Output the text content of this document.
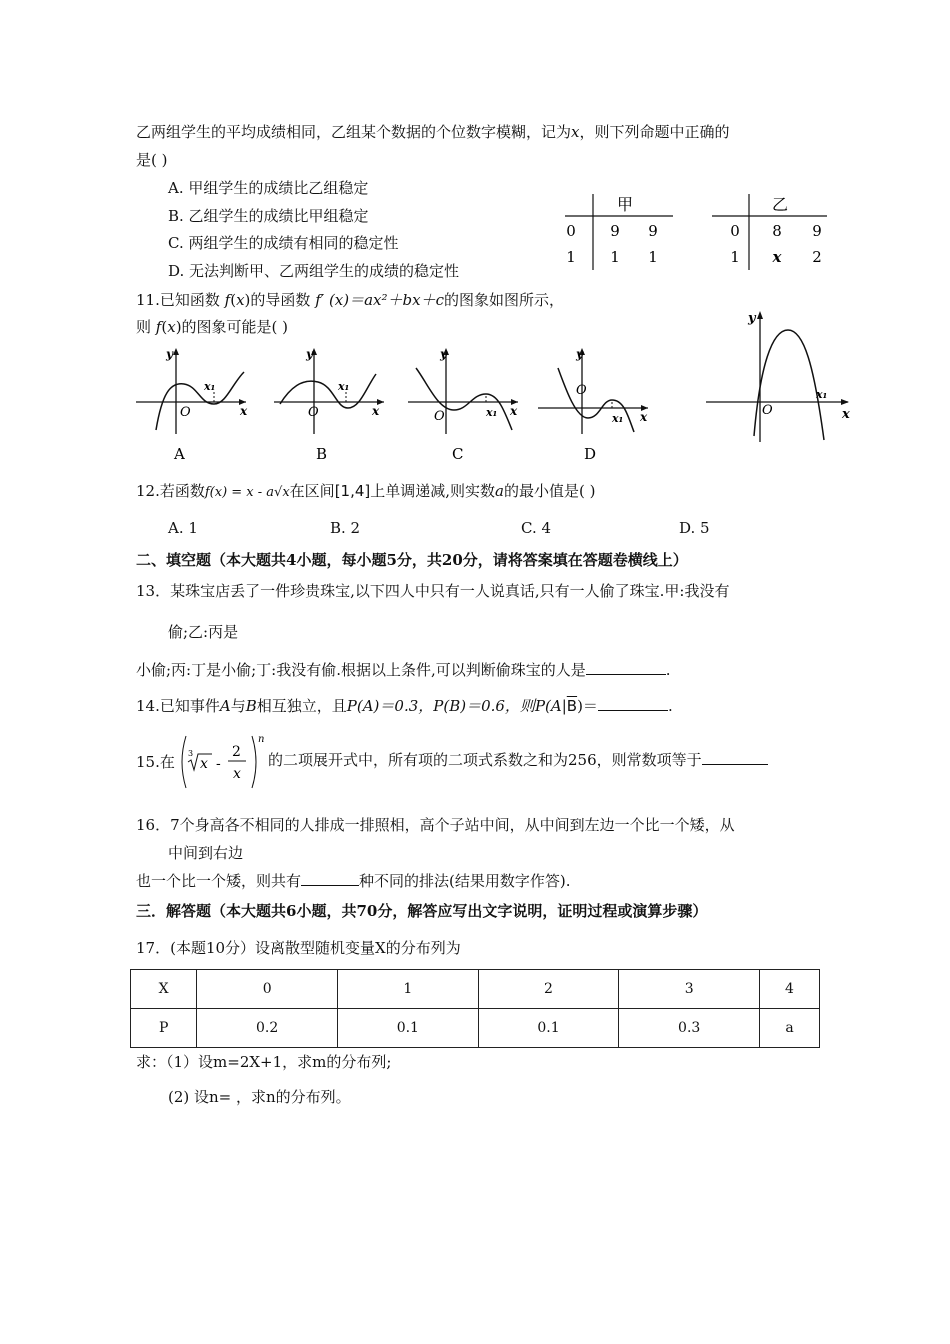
乙两组学生的平均成绩相同，乙组某个数据的个位数字模糊，记为x，则下列命题中正确的
是( )
A. 甲组学生的成绩比乙组稳定
B. 乙组学生的成绩比甲组稳定
C. 两组学生的成绩有相同的稳定性
D. 无法判断甲、乙两组学生的成绩的稳定性
甲
0 9 9
1 1 1
乙
0 8 9
1 x 2
11.已知函数 f(x)的导函数 f′ (x)＝ax²＋bx＋c的图象如图所示，
则 f(x)的图象可能是( )
y
O	x
x₁
A
y
O	x
x₁
B
y
O	x
x₁
C
y
O
x
x₁
D
y
O	x
x₁
12.若函数f(x) = x - a√x在区间[1,4]上单调递减,则实数a的最小值是( )
A. 1	B. 2	C. 4	D. 5
二、填空题（本大题共4小题，每小题5分，共20分，请将答案填在答题卷横线上）
13．某珠宝店丢了一件珍贵珠宝,以下四人中只有一人说真话,只有一人偷了珠宝.甲:我没有
偷;乙:丙是
小偷;丙:丁是小偷;丁:我没有偷.根据以上条件,可以判断偷珠宝的人是	.
14.已知事件A与B相互独立，且P(A)＝0.3，P(B)＝0.6，则$P(A|\overline{B})=$	.
15.在 3
x -
2
x
n
的二项展开式中，所有项的二项式系数之和为256，则常数项等于
16．7个身高各不相同的人排成一排照相，高个子站中间，从中间到左边一个比一个矮，从
中间到右边
也一个比一个矮，则共有	种不同的排法(结果用数字作答).
三．解答题（本大题共6小题，共70分，解答应写出文字说明，证明过程或演算步骤）
17．(本题10分）设离散型随机变量X的分布列为
X	0	1	2	3	4
P	0.2	0.1	0.1	0.3	a
求：（1）设m=2X+1，求m的分布列;
(2) 设n= ，求n的分布列。
